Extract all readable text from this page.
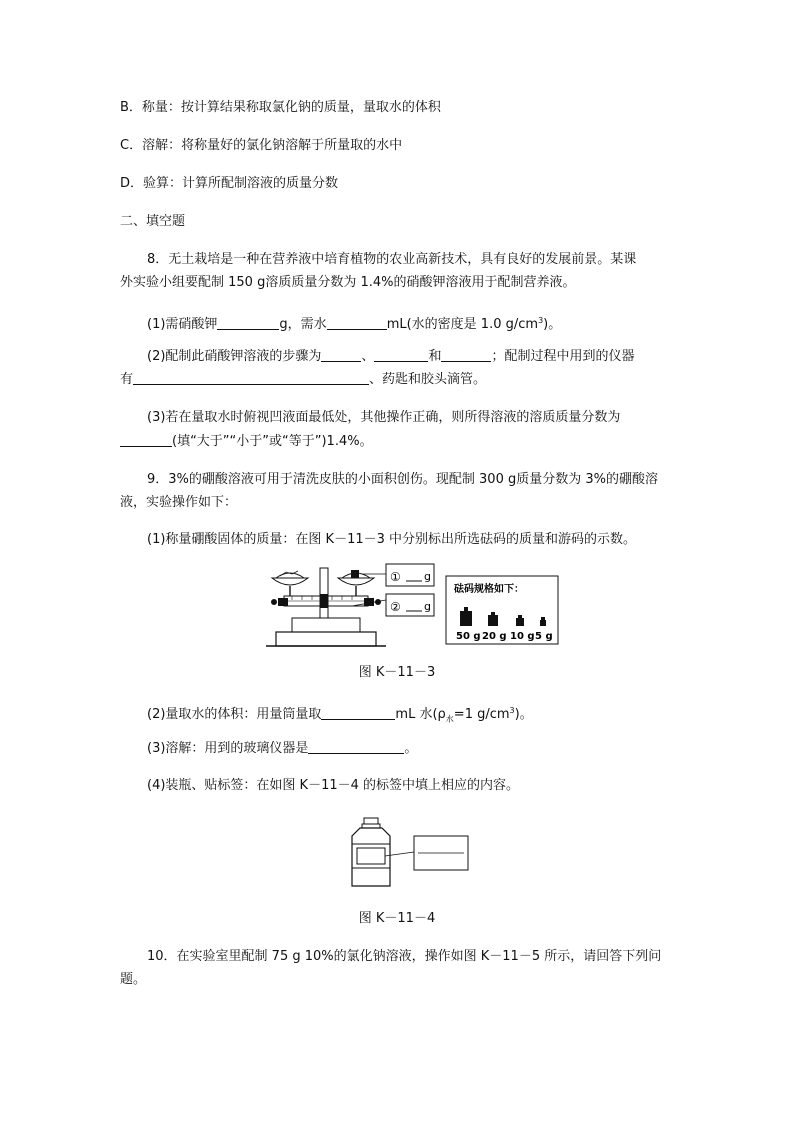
B．称量：按计算结果称取氯化钠的质量，量取水的体积
C．溶解：将称量好的氯化钠溶解于所量取的水中
D．验算：计算所配制溶液的质量分数
二、填空题
8．无土栽培是一种在营养液中培育植物的农业高新技术，具有良好的发展前景。某课
外实验小组要配制 150 g溶质质量分数为 1.4%的硝酸钾溶液用于配制营养液。
(1)需硝酸钾	g，需水	mL(水的密度是 1.0 $g/cm^3$)。
(2)配制此硝酸钾溶液的步骤为	、	和	；配制过程中用到的仪器
有	、药匙和胶头滴管。
(3)若在量取水时俯视凹液面最低处，其他操作正确，则所得溶液的溶质质量分数为
(填“大于”“小于”或“等于”)1.4%。
9．3%的硼酸溶液可用于清洗皮肤的小面积创伤。现配制 300 g质量分数为 3%的硼酸溶
液，实验操作如下：
(1)称量硼酸固体的质量：在图 K－11－3 中分别标出所选砝码的质量和游码的示数。
① g
② g
砝码规格如下：
50 g 20 g 10 g 5 g
图 K－11－3
(2)量取水的体积：用量筒量取	mL 水($\rho_水=1$ $g/cm^3$)。
(3)溶解：用到的玻璃仪器是	。
(4)装瓶、贴标签：在如图 K－11－4 的标签中填上相应的内容。
图 K－11－4
10．在实验室里配制 75 g 10%的氯化钠溶液，操作如图 K－11－5 所示，请回答下列问
题。
